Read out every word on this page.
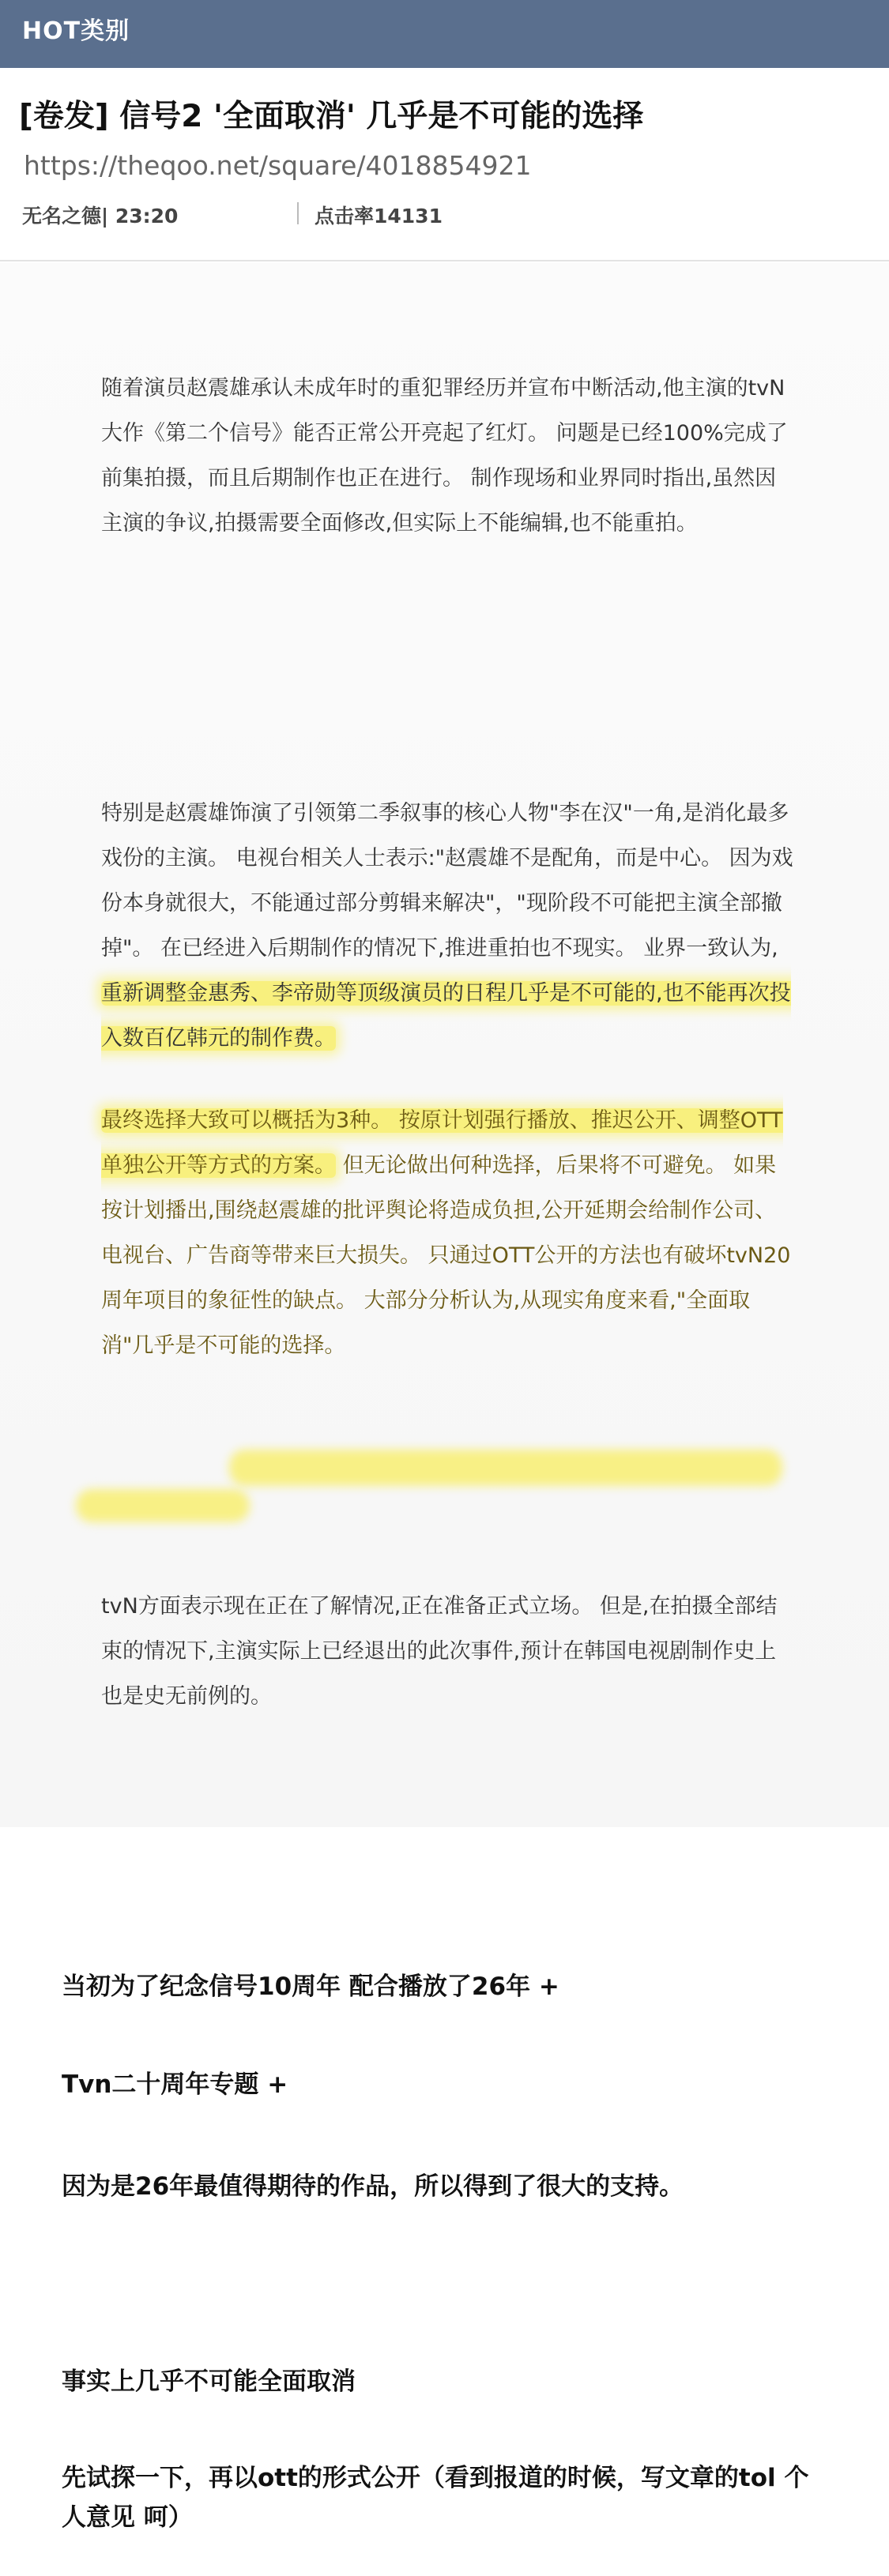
HOT类别
[卷发] 信号2 '全面取消' 几乎是不可能的选择
https://theqoo.net/square/4018854921
无名之德| 23:20	点击率14131

随着演员赵震雄承认未成年时的重犯罪经历并宣布中断活动,他主演的tvN大作《第二个信号》能否正常公开亮起了红灯。 问题是已经100%完成了前集拍摄，而且后期制作也正在进行。 制作现场和业界同时指出,虽然因主演的争议,拍摄需要全面修改,但实际上不能编辑,也不能重拍。

特别是赵震雄饰演了引领第二季叙事的核心人物"李在汉"一角,是消化最多戏份的主演。 电视台相关人士表示:"赵震雄不是配角，而是中心。 因为戏份本身就很大，不能通过部分剪辑来解决"，"现阶段不可能把主演全部撤掉"。 在已经进入后期制作的情况下,推进重拍也不现实。 业界一致认为,重新调整金惠秀、李帝勋等顶级演员的日程几乎是不可能的,也不能再次投入数百亿韩元的制作费。

最终选择大致可以概括为3种。 按原计划强行播放、推迟公开、调整OTT单独公开等方式的方案。 但无论做出何种选择，后果将不可避免。 如果按计划播出,围绕赵震雄的批评舆论将造成负担,公开延期会给制作公司、电视台、广告商等带来巨大损失。 只通过OTT公开的方法也有破坏tvN20周年项目的象征性的缺点。 大部分分析认为,从现实角度来看,"全面取消"几乎是不可能的选择。

tvN方面表示现在正在了解情况,正在准备正式立场。 但是,在拍摄全部结束的情况下,主演实际上已经退出的此次事件,预计在韩国电视剧制作史上也是史无前例的。

当初为了纪念信号10周年 配合播放了26年 +

Tvn二十周年专题 +

因为是26年最值得期待的作品，所以得到了很大的支持。

事实上几乎不可能全面取消

先试探一下，再以ott的形式公开（看到报道的时候，写文章的tol 个人意见 呵）
